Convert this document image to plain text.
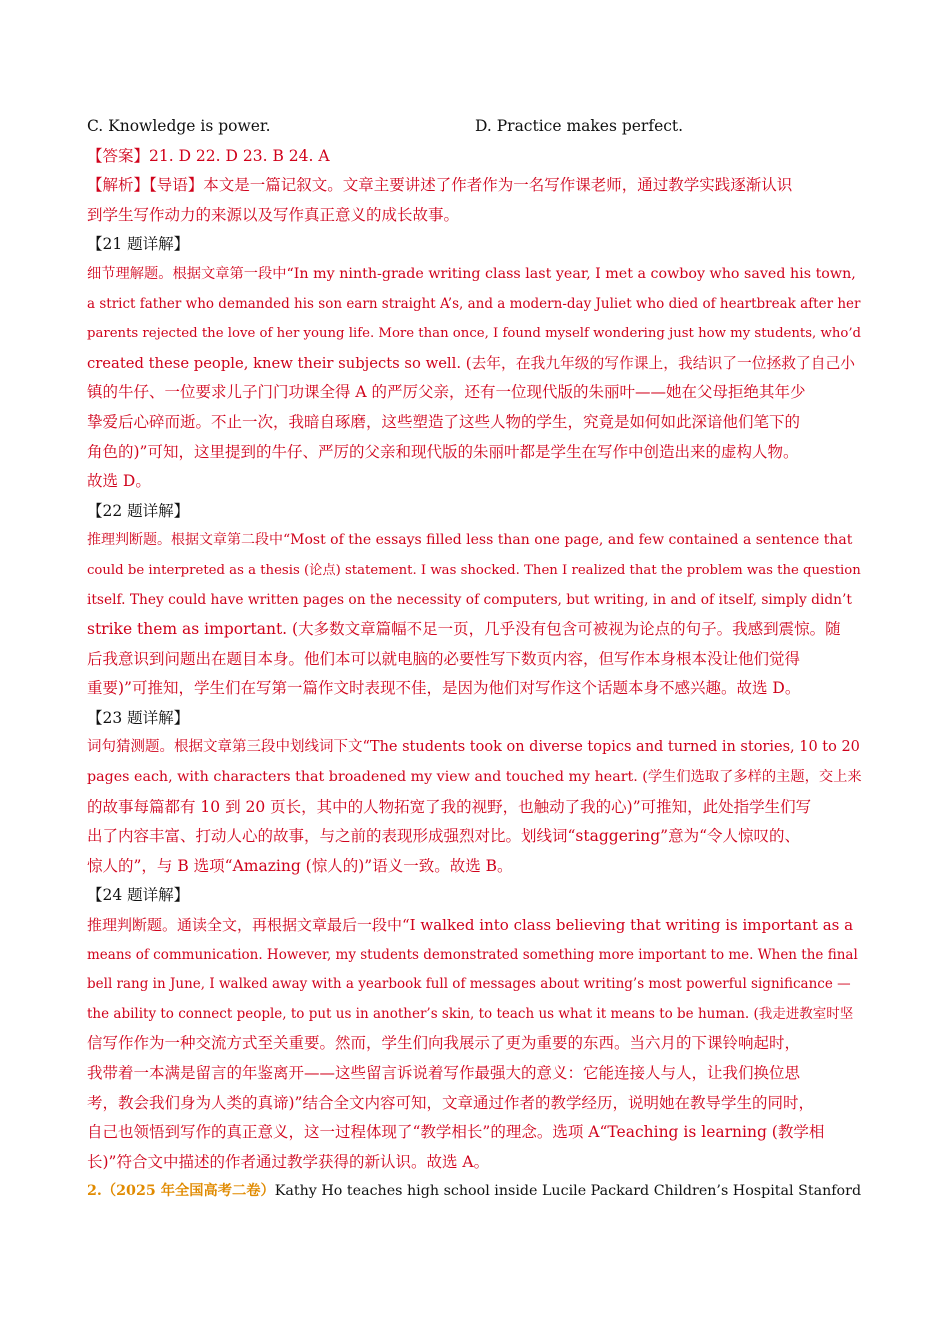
C. Knowledge is power.	D. Practice makes perfect.
【答案】21. D 22. D 23. B 24. A
【解析】【导语】本文是一篇记叙文。文章主要讲述了作者作为一名写作课老师，通过教学实践逐渐认识
到学生写作动力的来源以及写作真正意义的成长故事。
【21 题详解】
细节理解题。根据文章第一段中“In my ninth-grade writing class last year, I met a cowboy who saved his town,
a strict father who demanded his son earn straight A’s, and a modern-day Juliet who died of heartbreak after her
parents rejected the love of her young life. More than once, I found myself wondering just how my students, who’d
created these people, knew their subjects so well. (去年，在我九年级的写作课上，我结识了一位拯救了自己小
镇的牛仔、一位要求儿子门门功课全得 A 的严厉父亲，还有一位现代版的朱丽叶——她在父母拒绝其年少
挚爱后心碎而逝。不止一次，我暗自琢磨，这些塑造了这些人物的学生，究竟是如何如此深谙他们笔下的
角色的)”可知，这里提到的牛仔、严厉的父亲和现代版的朱丽叶都是学生在写作中创造出来的虚构人物。
故选 D。
【22 题详解】
推理判断题。根据文章第二段中“Most of the essays filled less than one page, and few contained a sentence that
could be interpreted as a thesis (论点) statement. I was shocked. Then I realized that the problem was the question
itself. They could have written pages on the necessity of computers, but writing, in and of itself, simply didn’t
strike them as important. (大多数文章篇幅不足一页，几乎没有包含可被视为论点的句子。我感到震惊。随
后我意识到问题出在题目本身。他们本可以就电脑的必要性写下数页内容，但写作本身根本没让他们觉得
重要)”可推知，学生们在写第一篇作文时表现不佳，是因为他们对写作这个话题本身不感兴趣。故选 D。
【23 题详解】
词句猜测题。根据文章第三段中划线词下文“The students took on diverse topics and turned in stories, 10 to 20
pages each, with characters that broadened my view and touched my heart. (学生们选取了多样的主题，交上来
的故事每篇都有 10 到 20 页长，其中的人物拓宽了我的视野，也触动了我的心)”可推知，此处指学生们写
出了内容丰富、打动人心的故事，与之前的表现形成强烈对比。划线词“staggering”意为“令人惊叹的、
惊人的”，与 B 选项“Amazing (惊人的)”语义一致。故选 B。
【24 题详解】
推理判断题。通读全文，再根据文章最后一段中“I walked into class believing that writing is important as a
means of communication. However, my students demonstrated something more important to me. When the final
bell rang in June, I walked away with a yearbook full of messages about writing’s most powerful significance —
the ability to connect people, to put us in another’s skin, to teach us what it means to be human. (我走进教室时坚
信写作作为一种交流方式至关重要。然而，学生们向我展示了更为重要的东西。当六月的下课铃响起时，
我带着一本满是留言的年鉴离开——这些留言诉说着写作最强大的意义：它能连接人与人，让我们换位思
考，教会我们身为人类的真谛)”结合全文内容可知，文章通过作者的教学经历，说明她在教导学生的同时，
自己也领悟到写作的真正意义，这一过程体现了“教学相长”的理念。选项 A“Teaching is learning (教学相
长)”符合文中描述的作者通过教学获得的新认识。故选 A。
2.（2025 年全国高考二卷）Kathy Ho teaches high school inside Lucile Packard Children’s Hospital Stanford
